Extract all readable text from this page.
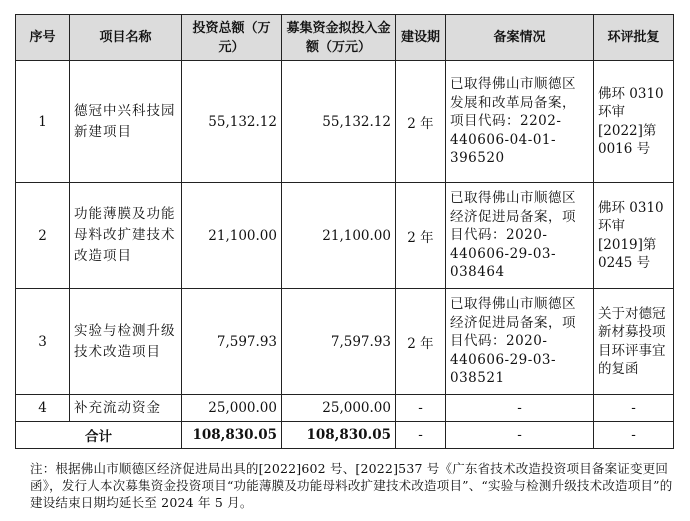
序号	项目名称	投资总额（万元）	募集资金拟投入金额（万元）	建设期	备案情况	环评批复
1	德冠中兴科技园新建项目	55,132.12	55,132.12	2 年	已取得佛山市顺德区发展和改革局备案，项目代码：2202-440606-04-01-396520	佛环 0310 环审[2022]第 0016 号
2	功能薄膜及功能母料改扩建技术改造项目	21,100.00	21,100.00	2 年	已取得佛山市顺德区经济促进局备案，项目代码：2020-440606-29-03-038464	佛环 0310 环审[2019]第 0245 号
3	实验与检测升级技术改造项目	7,597.93	7,597.93	2 年	已取得佛山市顺德区经济促进局备案，项目代码：2020-440606-29-03-038521	关于对德冠新材募投项目环评事宜的复函
4	补充流动资金	25,000.00	25,000.00	-	-	-
合计		108,830.05	108,830.05	-	-	-
注：根据佛山市顺德区经济促进局出具的[2022]602 号、[2022]537 号《广东省技术改造投资项目备案证变更回函》，发行人本次募集资金投资项目“功能薄膜及功能母料改扩建技术改造项目”、“实验与检测升级技术改造项目”的建设结束日期均延长至 2024 年 5 月。
